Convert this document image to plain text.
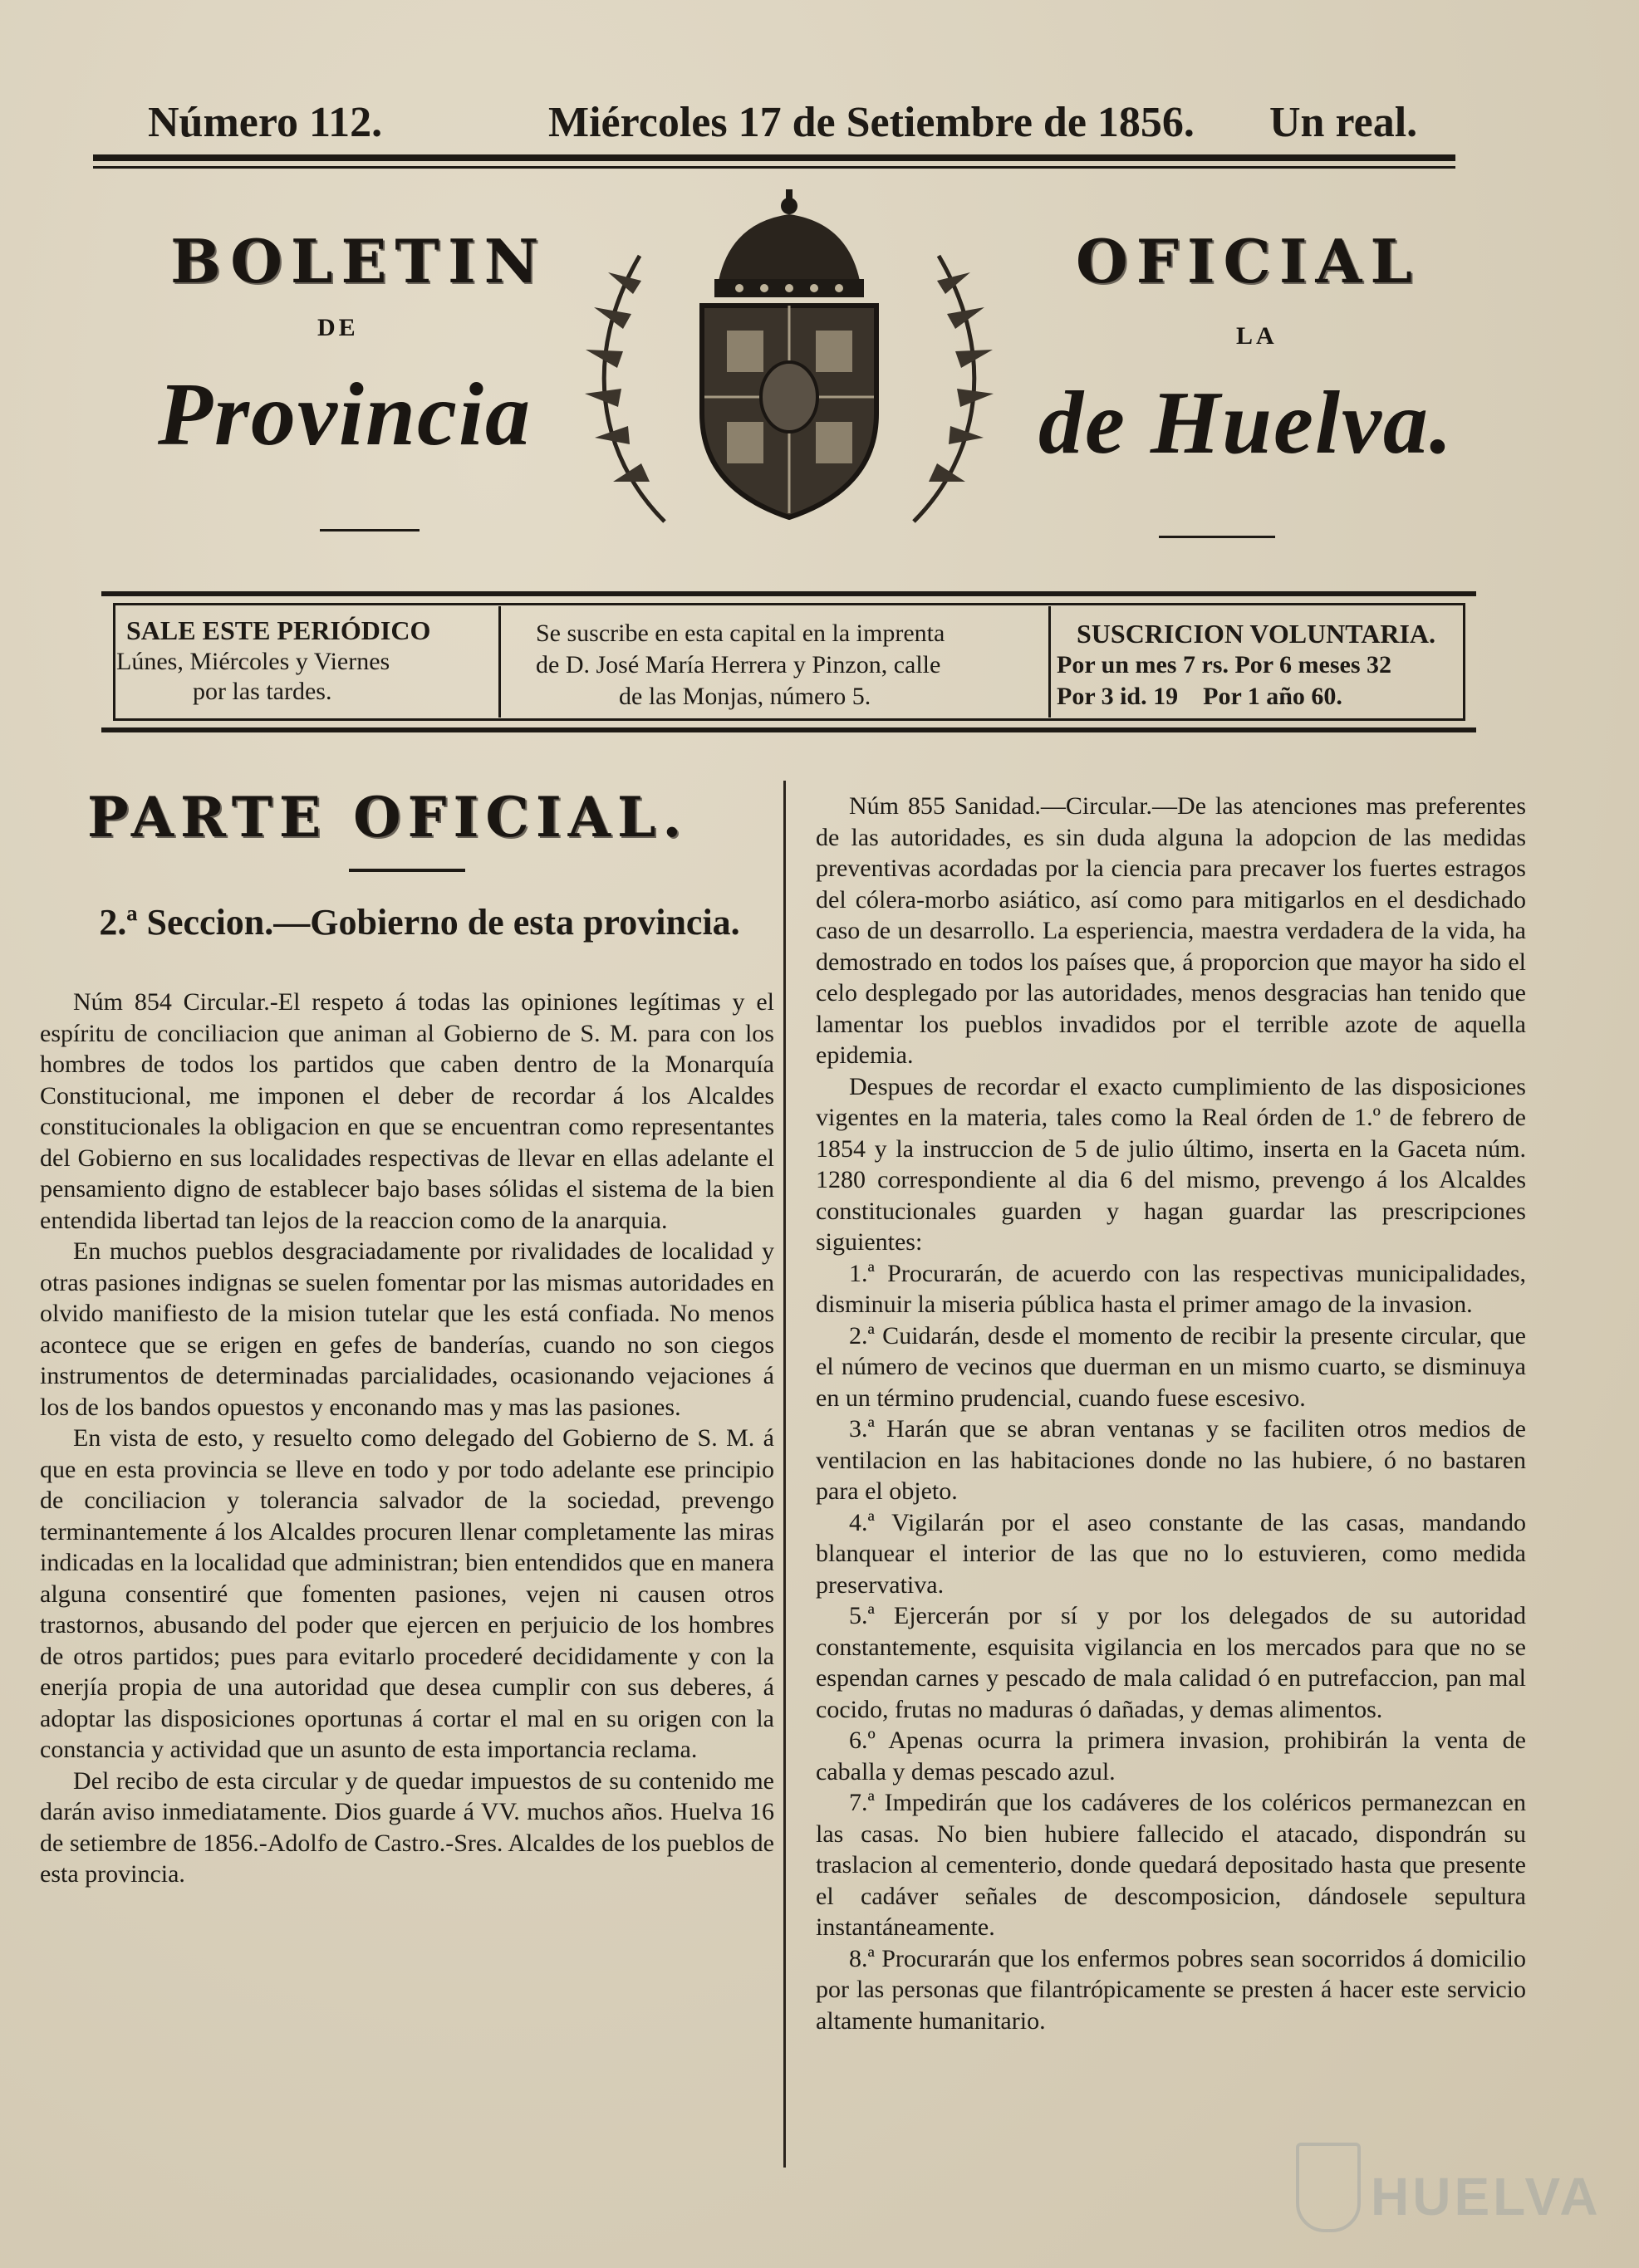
Número 112.	Miércoles 17 de Setiembre de 1856. Un real.
BOLETIN	OFICIAL
DE	LA
Provincia	de Huelva.
SALE ESTE PERIÓDICO
Lúnes, Miércoles y Viernes
por las tardes.
Se suscribe en esta capital en la imprenta
de D. José María Herrera y Pinzon, calle
de las Monjas, número 5.
SUSCRICION VOLUNTARIA.
Por un mes 7 rs. Por 6 meses 32
Por 3 id. 19    Por 1 año 60.
PARTE OFICIAL.
2.ª Seccion.—Gobierno de esta provincia.

Núm 854 Circular.-El respeto á todas las opiniones legítimas y el espíritu de conciliacion que animan al Gobierno de S. M. para con los hombres de todos los partidos que caben dentro de la Monarquía Constitucional, me imponen el deber de recordar á los Alcaldes constitucionales la obligacion en que se encuentran como representantes del Gobierno en sus localidades respectivas de llevar en ellas adelante el pensamiento digno de establecer bajo bases sólidas el sistema de la bien entendida libertad tan lejos de la reaccion como de la anarquia.

En muchos pueblos desgraciadamente por rivalidades de localidad y otras pasiones indignas se suelen fomentar por las mismas autoridades en olvido manifiesto de la mision tutelar que les está confiada. No menos acontece que se erigen en gefes de banderías, cuando no son ciegos instrumentos de determinadas parcialidades, ocasionando vejaciones á los de los bandos opuestos y enconando mas y mas las pasiones.

En vista de esto, y resuelto como delegado del Gobierno de S. M. á que en esta provincia se lleve en todo y por todo adelante ese principio de conciliacion y tolerancia salvador de la sociedad, prevengo terminantemente á los Alcaldes procuren llenar completamente las miras indicadas en la localidad que administran; bien entendidos que en manera alguna consentiré que fomenten pasiones, vejen ni causen otros trastornos, abusando del poder que ejercen en perjuicio de los hombres de otros partidos; pues para evitarlo procederé decididamente y con la enerjía propia de una autoridad que desea cumplir con sus deberes, á adoptar las disposiciones oportunas á cortar el mal en su origen con la constancia y actividad que un asunto de esta importancia reclama.

Del recibo de esta circular y de quedar impuestos de su contenido me darán aviso inmediatamente. Dios guarde á VV. muchos años. Huelva 16 de setiembre de 1856.-Adolfo de Castro.-Sres. Alcaldes de los pueblos de esta provincia.

Núm 855 Sanidad.—Circular.—De las atenciones mas preferentes de las autoridades, es sin duda alguna la adopcion de las medidas preventivas acordadas por la ciencia para precaver los fuertes estragos del cólera-morbo asiático, así como para mitigarlos en el desdichado caso de un desarrollo. La esperiencia, maestra verdadera de la vida, ha demostrado en todos los países que, á proporcion que mayor ha sido el celo desplegado por las autoridades, menos desgracias han tenido que lamentar los pueblos invadidos por el terrible azote de aquella epidemia.

Despues de recordar el exacto cumplimiento de las disposiciones vigentes en la materia, tales como la Real órden de 1.º de febrero de 1854 y la instruccion de 5 de julio último, inserta en la Gaceta núm. 1280 correspondiente al dia 6 del mismo, prevengo á los Alcaldes constitucionales guarden y hagan guardar las prescripciones siguientes:

1.ª Procurarán, de acuerdo con las respectivas municipalidades, disminuir la miseria pública hasta el primer amago de la invasion.

2.ª Cuidarán, desde el momento de recibir la presente circular, que el número de vecinos que duerman en un mismo cuarto, se disminuya en un término prudencial, cuando fuese escesivo.

3.ª Harán que se abran ventanas y se faciliten otros medios de ventilacion en las habitaciones donde no las hubiere, ó no bastaren para el objeto.

4.ª Vigilarán por el aseo constante de las casas, mandando blanquear el interior de las que no lo estuvieren, como medida preservativa.

5.ª Ejercerán por sí y por los delegados de su autoridad constantemente, esquisita vigilancia en los mercados para que no se espendan carnes y pescado de mala calidad ó en putrefaccion, pan mal cocido, frutas no maduras ó dañadas, y demas alimentos.

6.º Apenas ocurra la primera invasion, prohibirán la venta de caballa y demas pescado azul.

7.ª Impedirán que los cadáveres de los coléricos permanezcan en las casas. No bien hubiere fallecido el atacado, dispondrán su traslacion al cementerio, donde quedará depositado hasta que presente el cadáver señales de descomposicion, dándosele sepultura instantáneamente.

8.ª Procurarán que los enfermos pobres sean socorridos á domicilio por las personas que filantrópicamente se presten á hacer este servicio altamente humanitario.

HUELVA
